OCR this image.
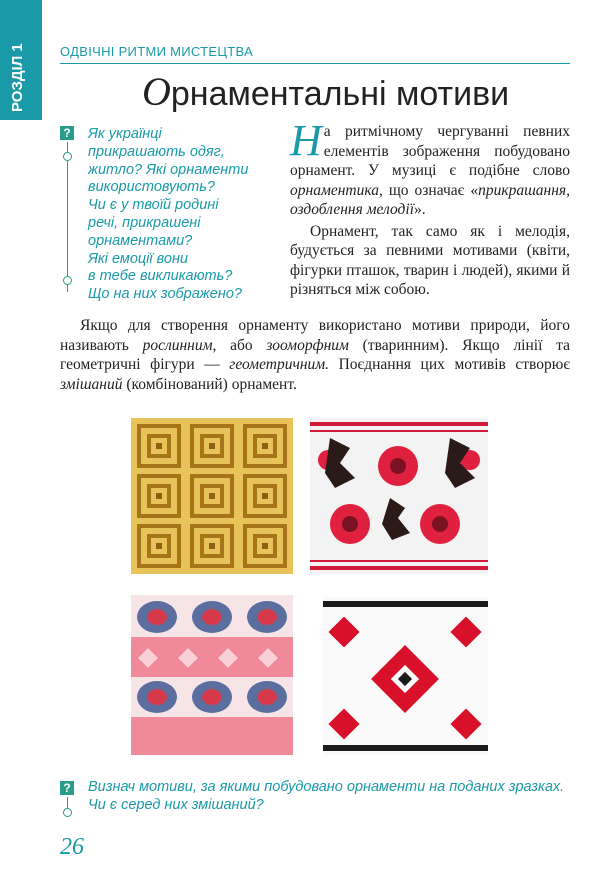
РОЗДІЛ 1	ОДВІЧНІ РИТМИ МИСТЕЦТВА
Орнаментальні мотиви
? Як українці
прикрашають одяг,
житло? Які орнаменти
використовують?
Чи є у твоїй родині
речі, прикрашені
орнаментами?
Які емоції вони
в тебе викликають?
Що на них зображено?

На ритмічному чергуванні певних елементів зображення побудовано орнамент. У музиці є подібне слово орнаментика, що означає «прикрашання, оздоблення мелодії».

Орнамент, так само як і мелодія, будується за певними мотивами (квіти, фігурки пташок, тварин і людей), якими й різняться між собою.

Якщо для створення орнаменту використано мотиви природи, його називають рослинним, або зооморфним (тваринним). Якщо лінії та геометричні фігури — геометричним. Поєднання цих мотивів створює змішаний (комбінований) орнамент.

? Визнач мотиви, за якими побудовано орнаменти на поданих зразках. Чи є серед них змішаний?

26
